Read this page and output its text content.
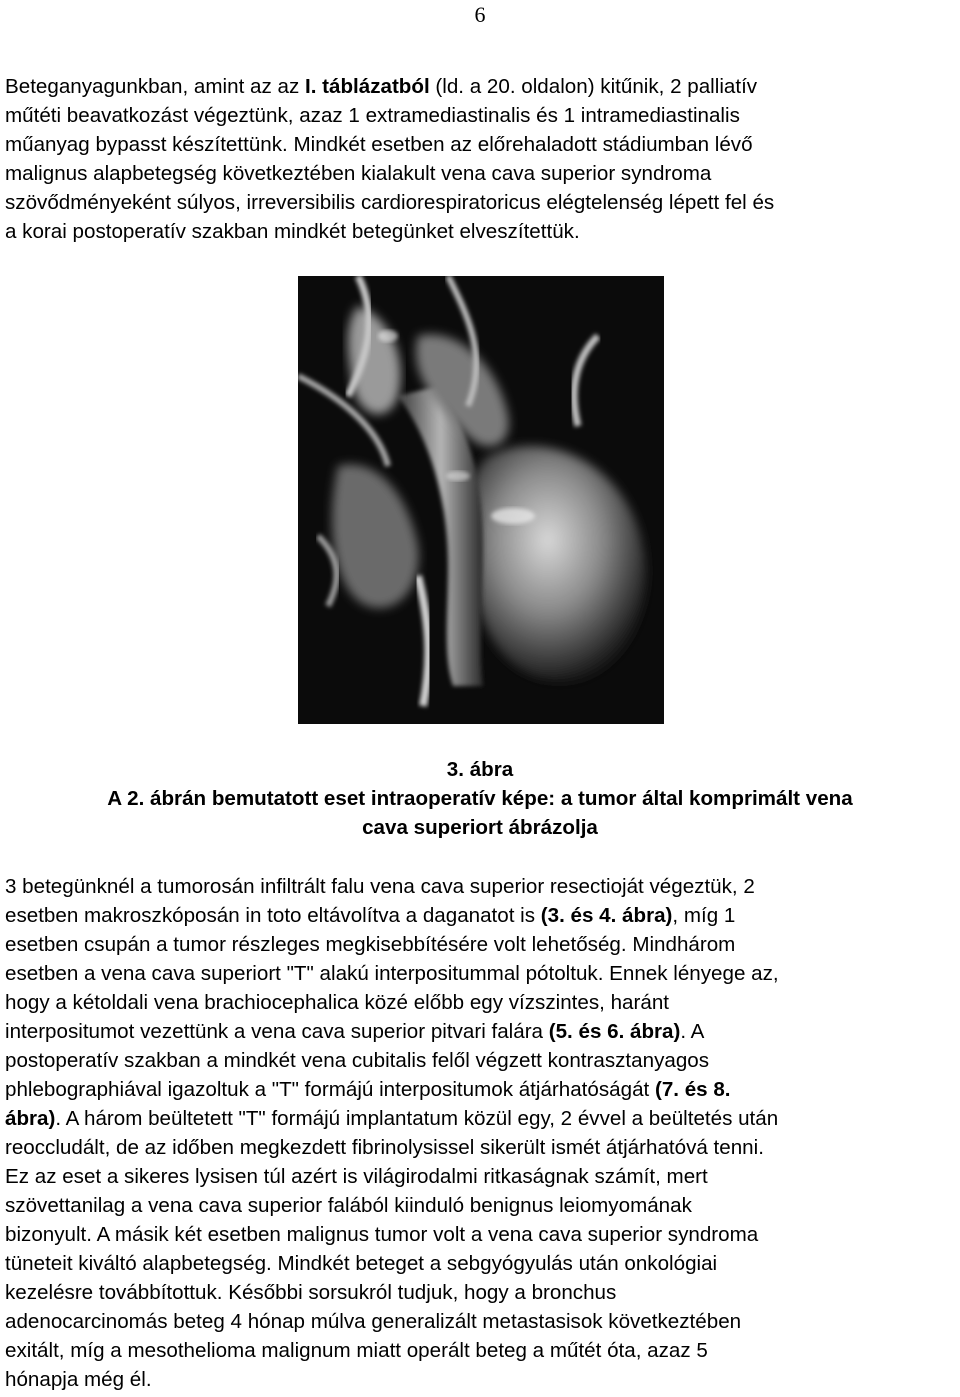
6

Beteganyagunkban, amint az az I. táblázatból (ld. a 20. oldalon) kitűnik, 2 palliatív

műtéti beavatkozást végeztünk, azaz 1 extramediastinalis és 1 intramediastinalis

műanyag bypasst készítettünk. Mindkét esetben az előrehaladott stádiumban lévő

malignus alapbetegség következtében kialakult vena cava superior syndroma

szövődményeként súlyos, irreversibilis cardiorespiratoricus elégtelenség lépett fel és

a korai postoperatív szakban mindkét betegünket elveszítettük.

3. ábra

A 2. ábrán bemutatott eset intraoperatív képe: a tumor által komprimált vena

cava superiort ábrázolja

3 betegünknél a tumorosán infiltrált falu vena cava superior resectioját végeztük, 2

esetben makroszkóposán in toto eltávolítva a daganatot is (3. és 4. ábra), míg 1

esetben csupán a tumor részleges megkisebbítésére volt lehetőség. Mindhárom

esetben a vena cava superiort "T" alakú interpositummal pótoltuk. Ennek lényege az,

hogy a kétoldali vena brachiocephalica közé előbb egy vízszintes, haránt

interpositumot vezettünk a vena cava superior pitvari falára (5. és 6. ábra). A

postoperatív szakban a mindkét vena cubitalis felől végzett kontrasztanyagos

phlebographiával igazoltuk a "T" formájú interpositumok átjárhatóságát (7. és 8.

ábra). A három beültetett "T" formájú implantatum közül egy, 2 évvel a beültetés után

reoccludált, de az időben megkezdett fibrinolysissel sikerült ismét átjárhatóvá tenni.

Ez az eset a sikeres lysisen túl azért is világirodalmi ritkaságnak számít, mert

szövettanilag a vena cava superior falából kiinduló benignus leiomyomának

bizonyult. A másik két esetben malignus tumor volt a vena cava superior syndroma

tüneteit kiváltó alapbetegség. Mindkét beteget a sebgyógyulás után onkológiai

kezelésre továbbítottuk. Későbbi sorsukról tudjuk, hogy a bronchus

adenocarcinomás beteg 4 hónap múlva generalizált metastasisok következtében

exitált, míg a mesothelioma malignum miatt operált beteg a műtét óta, azaz 5

hónapja még él.
